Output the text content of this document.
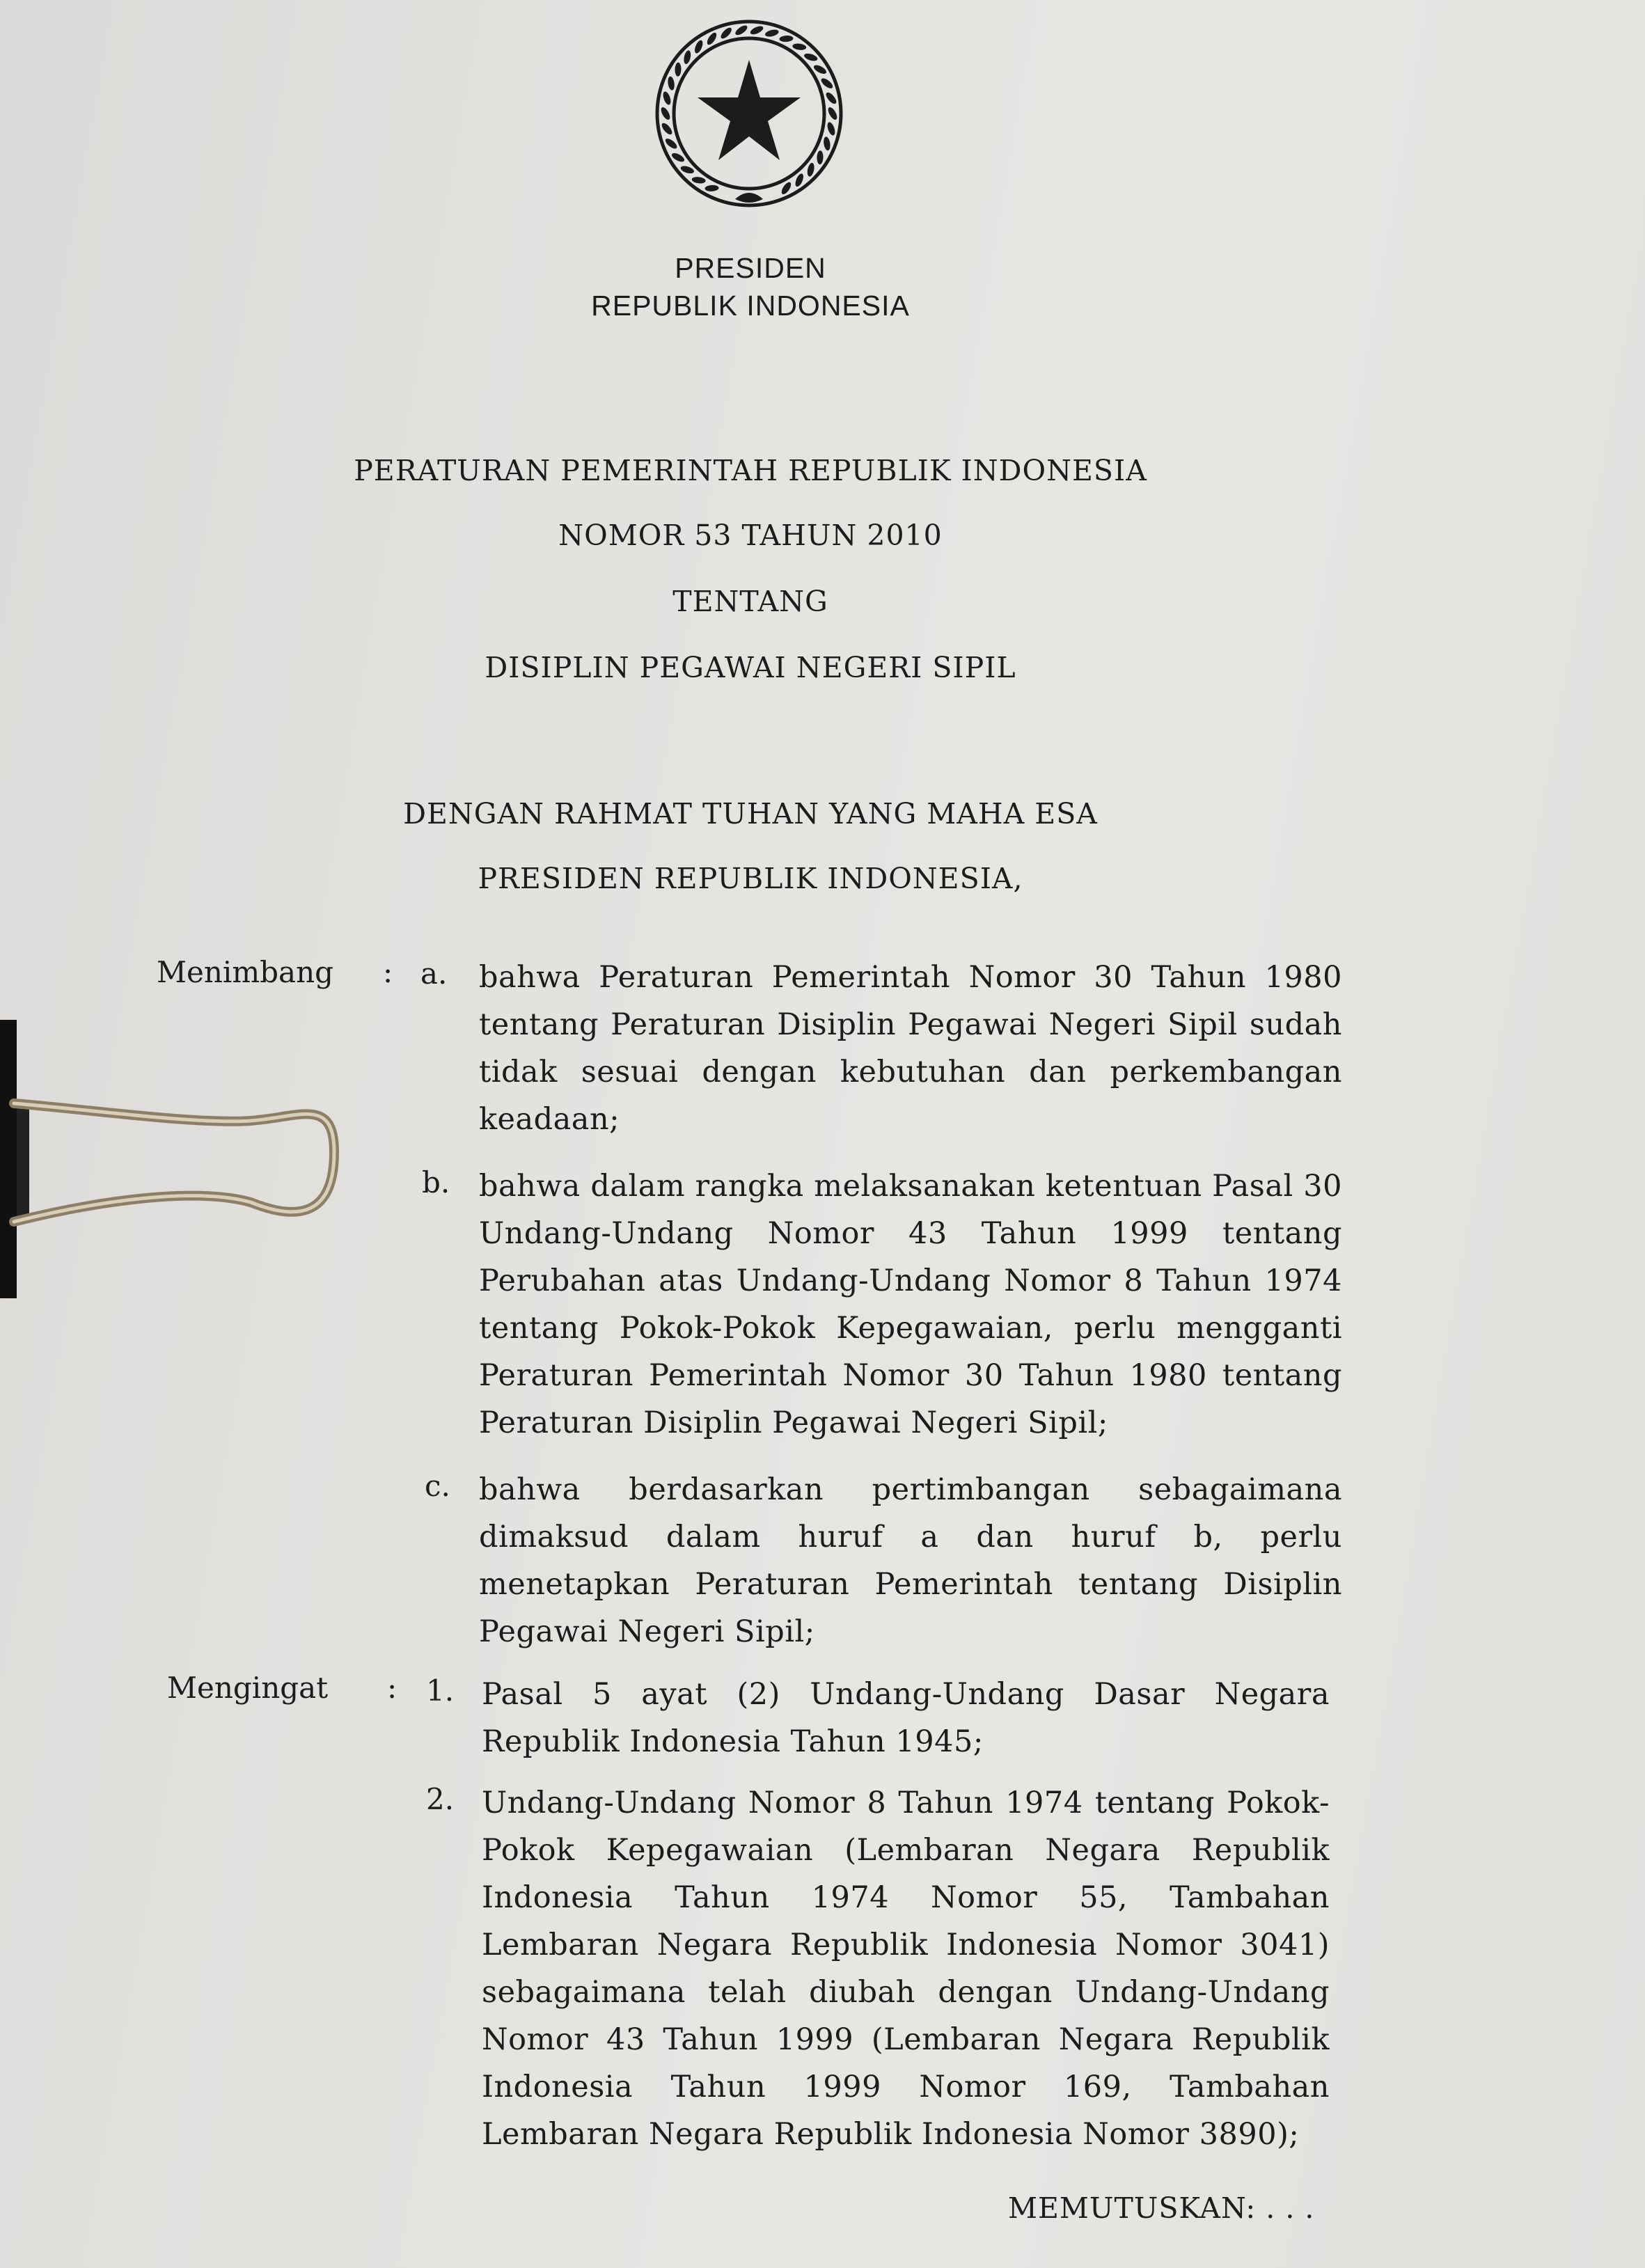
PRESIDEN
REPUBLIK INDONESIA
PERATURAN PEMERINTAH REPUBLIK INDONESIA
NOMOR 53 TAHUN 2010
TENTANG
DISIPLIN PEGAWAI NEGERI SIPIL
DENGAN RAHMAT TUHAN YANG MAHA ESA
PRESIDEN REPUBLIK INDONESIA,
Menimbang : a. bahwa Peraturan Pemerintah Nomor 30 Tahun 1980 tentang Peraturan Disiplin Pegawai Negeri Sipil sudah tidak sesuai dengan kebutuhan dan perkembangan keadaan;
b. bahwa dalam rangka melaksanakan ketentuan Pasal 30 Undang-Undang Nomor 43 Tahun 1999 tentang Perubahan atas Undang-Undang Nomor 8 Tahun 1974 tentang Pokok-Pokok Kepegawaian, perlu mengganti Peraturan Pemerintah Nomor 30 Tahun 1980 tentang Peraturan Disiplin Pegawai Negeri Sipil;
c. bahwa berdasarkan pertimbangan sebagaimana dimaksud dalam huruf a dan huruf b, perlu menetapkan Peraturan Pemerintah tentang Disiplin Pegawai Negeri Sipil;
Mengingat : 1. Pasal 5 ayat (2) Undang-Undang Dasar Negara Republik Indonesia Tahun 1945;
2. Undang-Undang Nomor 8 Tahun 1974 tentang Pokok-Pokok Kepegawaian (Lembaran Negara Republik Indonesia Tahun 1974 Nomor 55, Tambahan Lembaran Negara Republik Indonesia Nomor 3041) sebagaimana telah diubah dengan Undang-Undang Nomor 43 Tahun 1999 (Lembaran Negara Republik Indonesia Tahun 1999 Nomor 169, Tambahan Lembaran Negara Republik Indonesia Nomor 3890);
MEMUTUSKAN: . . .
